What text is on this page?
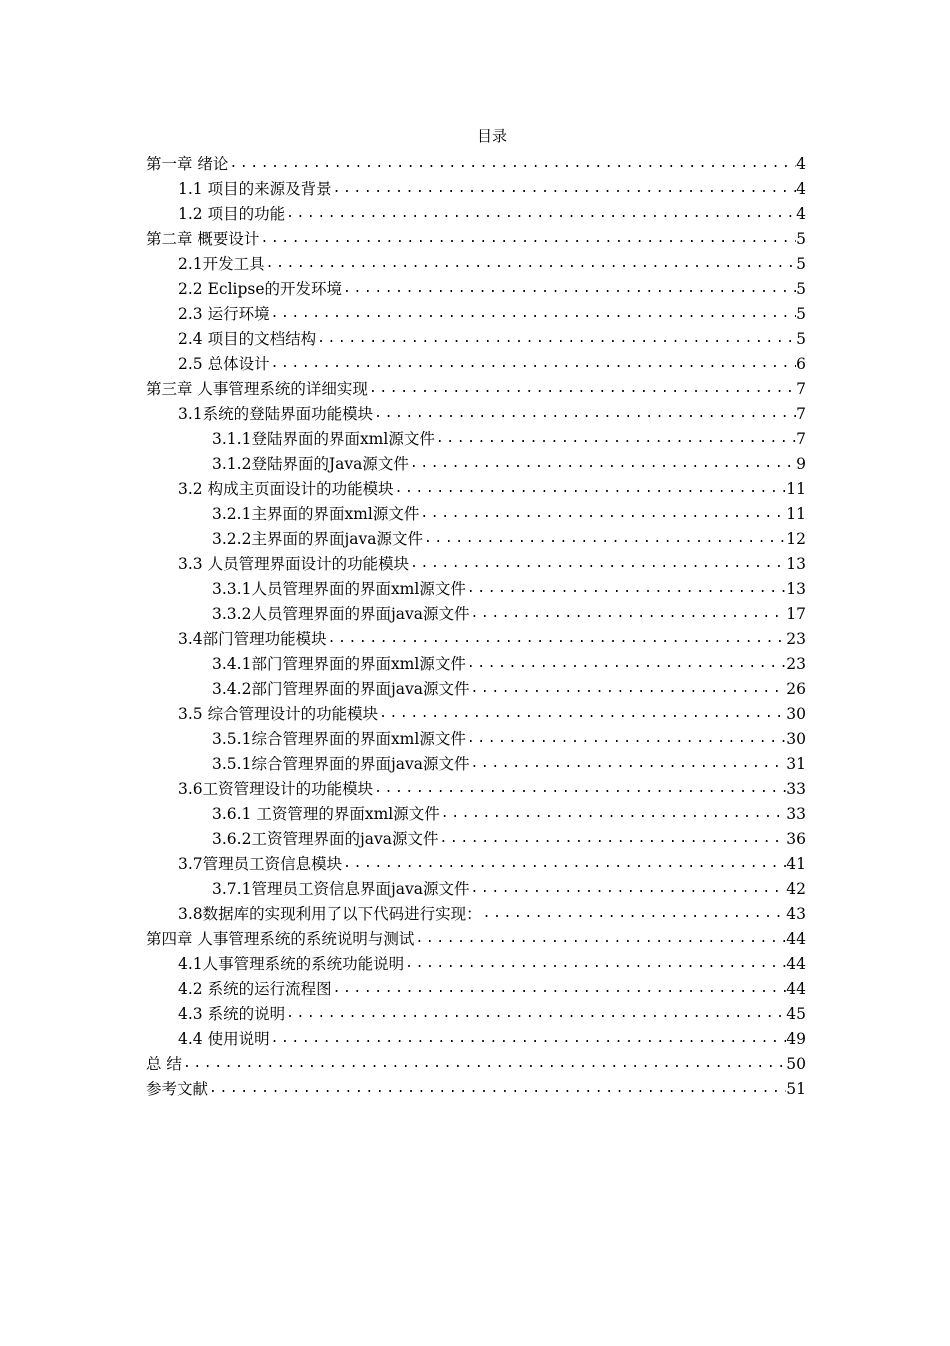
目录
第一章 绪论 .....	4
1.1 项目的来源及背景 .....	4
1.2 项目的功能 .....	4
第二章 概要设计 .....	5
2.1开发工具 .....	5
2.2 Eclipse的开发环境 .....	5
2.3 运行环境 .....	5
2.4 项目的文档结构 .....	5
2.5 总体设计 .....	6
第三章 人事管理系统的详细实现 .....	7
3.1系统的登陆界面功能模块 .....	7
3.1.1登陆界面的界面xml源文件 .....	7
3.1.2登陆界面的Java源文件 .....	9
3.2 构成主页面设计的功能模块 .....	11
3.2.1主界面的界面xml源文件 .....	11
3.2.2主界面的界面java源文件 .....	12
3.3 人员管理界面设计的功能模块 .....	13
3.3.1人员管理界面的界面xml源文件 .....	13
3.3.2人员管理界面的界面java源文件 .....	17
3.4部门管理功能模块 .....	23
3.4.1部门管理界面的界面xml源文件 .....	23
3.4.2部门管理界面的界面java源文件 .....	26
3.5 综合管理设计的功能模块 .....	30
3.5.1综合管理界面的界面xml源文件 .....	30
3.5.1综合管理界面的界面java源文件 .....	31
3.6工资管理设计的功能模块 .....	33
3.6.1 工资管理的界面xml源文件 .....	33
3.6.2工资管理界面的java源文件 .....	36
3.7管理员工资信息模块 .....	41
3.7.1管理员工资信息界面java源文件 .....	42
3.8数据库的实现利用了以下代码进行实现： .....	43
第四章 人事管理系统的系统说明与测试 .....	44
4.1人事管理系统的系统功能说明 .....	44
4.2 系统的运行流程图 .....	44
4.3 系统的说明 .....	45
4.4 使用说明 .....	49
总 结 .....	50
参考文献 .....	51
